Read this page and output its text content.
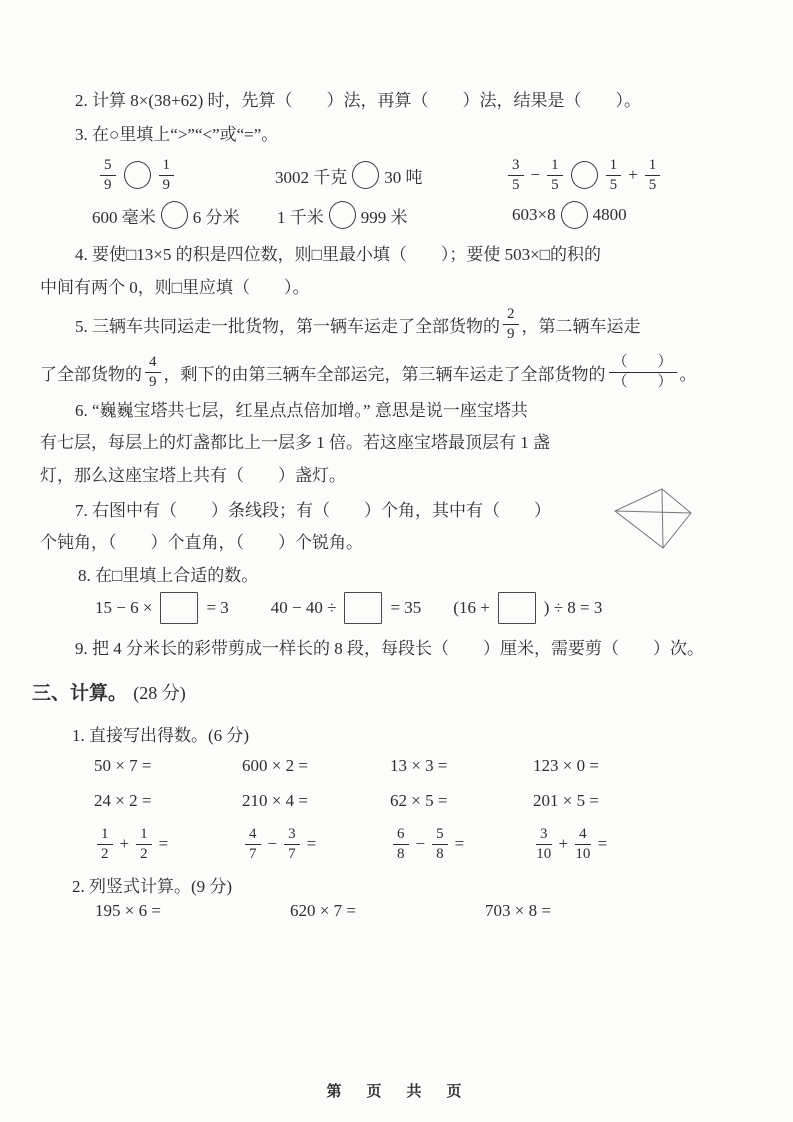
2. 计算 8×(38+62) 时，先算（　　）法，再算（　　）法，结果是（　　）。
3. 在○里填上“>”“<”或“=”。
$\frac{5}{9}$	$\frac{1}{9}$	3002 千克 30 吨	$\frac{3}{5} - \frac{1}{5}$	$\frac{1}{5} + \frac{1}{5}$
600 毫米 6 分米 1 千米 999 米	603×8 4800
4. 要使□13×5 的积是四位数，则□里最小填（　　）；要使 503×□的积的
中间有两个 0，则□里应填（　　）。
5. 三辆车共同运走一批货物，第一辆车运走了全部货物的 $\frac{2}{9}$ ，第二辆车运走
了全部货物的 $\frac{4}{9}$ ，剩下的由第三辆车全部运完，第三辆车运走了全部货物的 $\frac{( )}{( )}$ 。
6. “巍巍宝塔共七层，红星点点倍加增。” 意思是说一座宝塔共
有七层，每层上的灯盏都比上一层多 1 倍。若这座宝塔最顶层有 1 盏
灯，那么这座宝塔上共有（　　）盏灯。
7. 右图中有（　　）条线段；有（　　）个角，其中有（　　）
个钝角，（　　）个直角，（　　）个锐角。
8. 在□里填上合适的数。
15 − 6 ×	= 3 40 − 40 ÷	= 35 (16 +	) ÷ 8 = 3
9. 把 4 分米长的彩带剪成一样长的 8 段，每段长（　　）厘米，需要剪（　　）次。
三、计算。 (28 分)
1. 直接写出得数。(6 分)
50 × 7 =	600 × 2 =	13 × 3 =	123 × 0 =
24 × 2 =	210 × 4 =	62 × 5 =	201 × 5 =
$\frac{1}{2} + \frac{1}{2}$ =	$\frac{4}{7} - \frac{3}{7}$ =	$\frac{6}{8} - \frac{5}{8}$ =	$\frac{3}{10} + \frac{4}{10}$ =
2. 列竖式计算。(9 分)
195 × 6 =	620 × 7 =	703 × 8 =
第　页　共　页
